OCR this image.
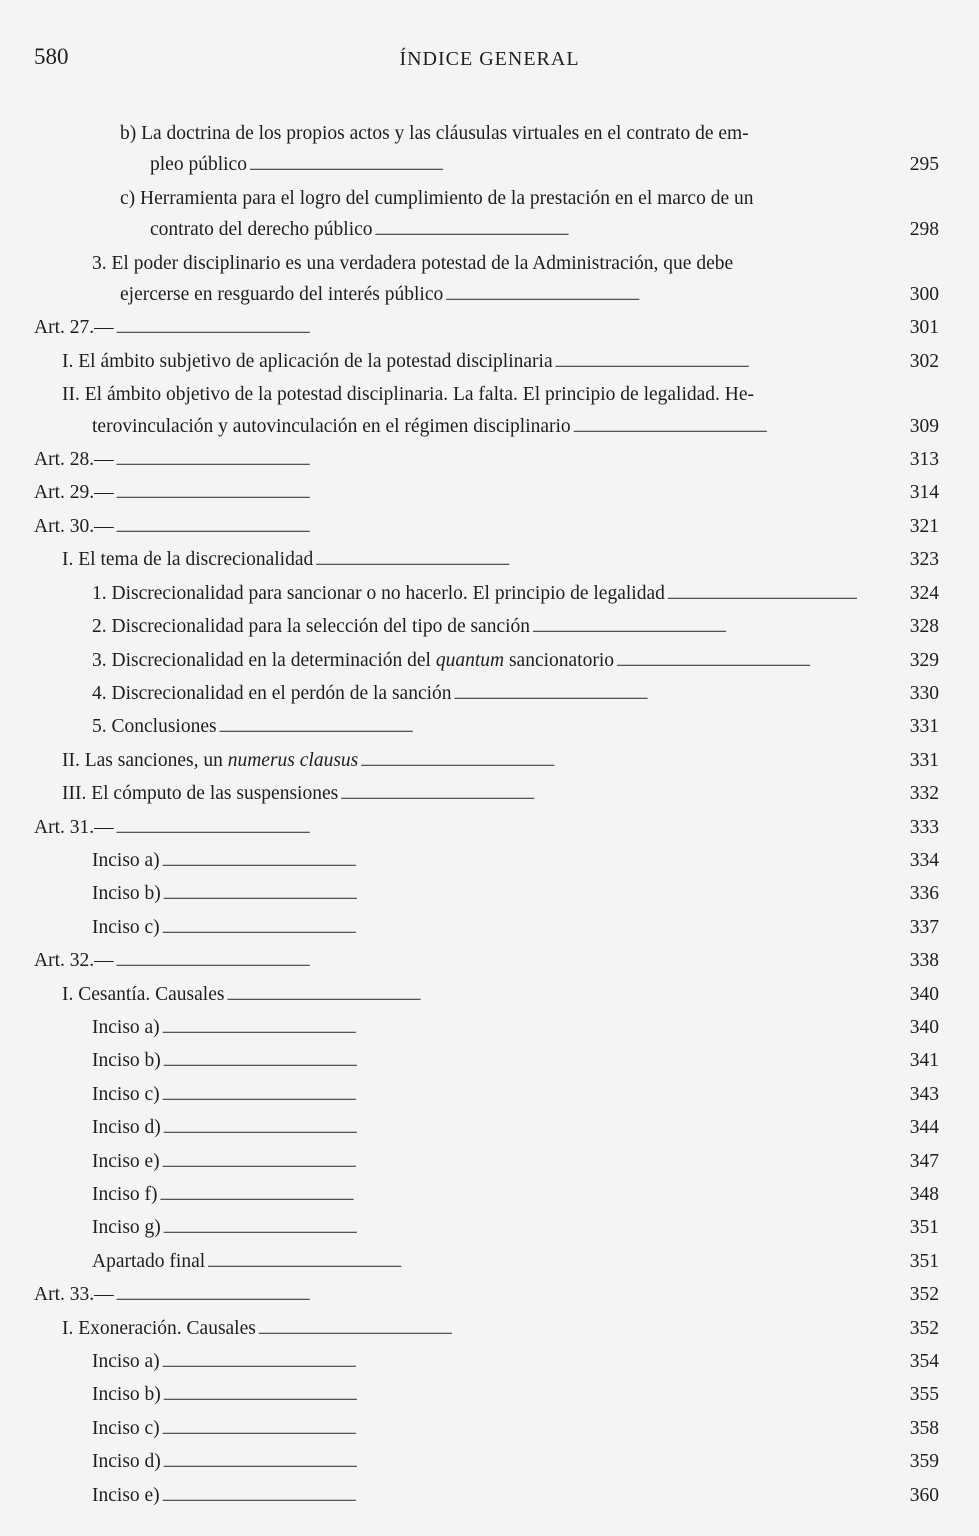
580	ÍNDICE GENERAL
b) La doctrina de los propios actos y las cláusulas virtuales en el contrato de em-
pleo público . . .	295
c) Herramienta para el logro del cumplimiento de la prestación en el marco de un
contrato del derecho público . . .	298
3. El poder disciplinario es una verdadera potestad de la Administración, que debe
ejercerse en resguardo del interés público . . .	300
Art. 27.— . . .	301
I. El ámbito subjetivo de aplicación de la potestad disciplinaria . . .	302
II. El ámbito objetivo de la potestad disciplinaria. La falta. El principio de legalidad. He-
terovinculación y autovinculación en el régimen disciplinario . . .	309
Art. 28.— . . .	313
Art. 29.— . . .	314
Art. 30.— . . .	321
I. El tema de la discrecionalidad . . .	323
1. Discrecionalidad para sancionar o no hacerlo. El principio de legalidad . . .	324
2. Discrecionalidad para la selección del tipo de sanción . . .	328
3. Discrecionalidad en la determinación del quantum sancionatorio . . .	329
4. Discrecionalidad en el perdón de la sanción . . .	330
5. Conclusiones . . .	331
II. Las sanciones, un numerus clausus . . .	331
III. El cómputo de las suspensiones . . .	332
Art. 31.— . . .	333
Inciso a) . . .	334
Inciso b) . . .	336
Inciso c) . . .	337
Art. 32.— . . .	338
I. Cesantía. Causales . . .	340
Inciso a) . . .	340
Inciso b) . . .	341
Inciso c) . . .	343
Inciso d) . . .	344
Inciso e) . . .	347
Inciso f) . . .	348
Inciso g) . . .	351
Apartado final . . .	351
Art. 33.— . . .	352
I. Exoneración. Causales . . .	352
Inciso a) . . .	354
Inciso b) . . .	355
Inciso c) . . .	358
Inciso d) . . .	359
Inciso e) . . .	360
